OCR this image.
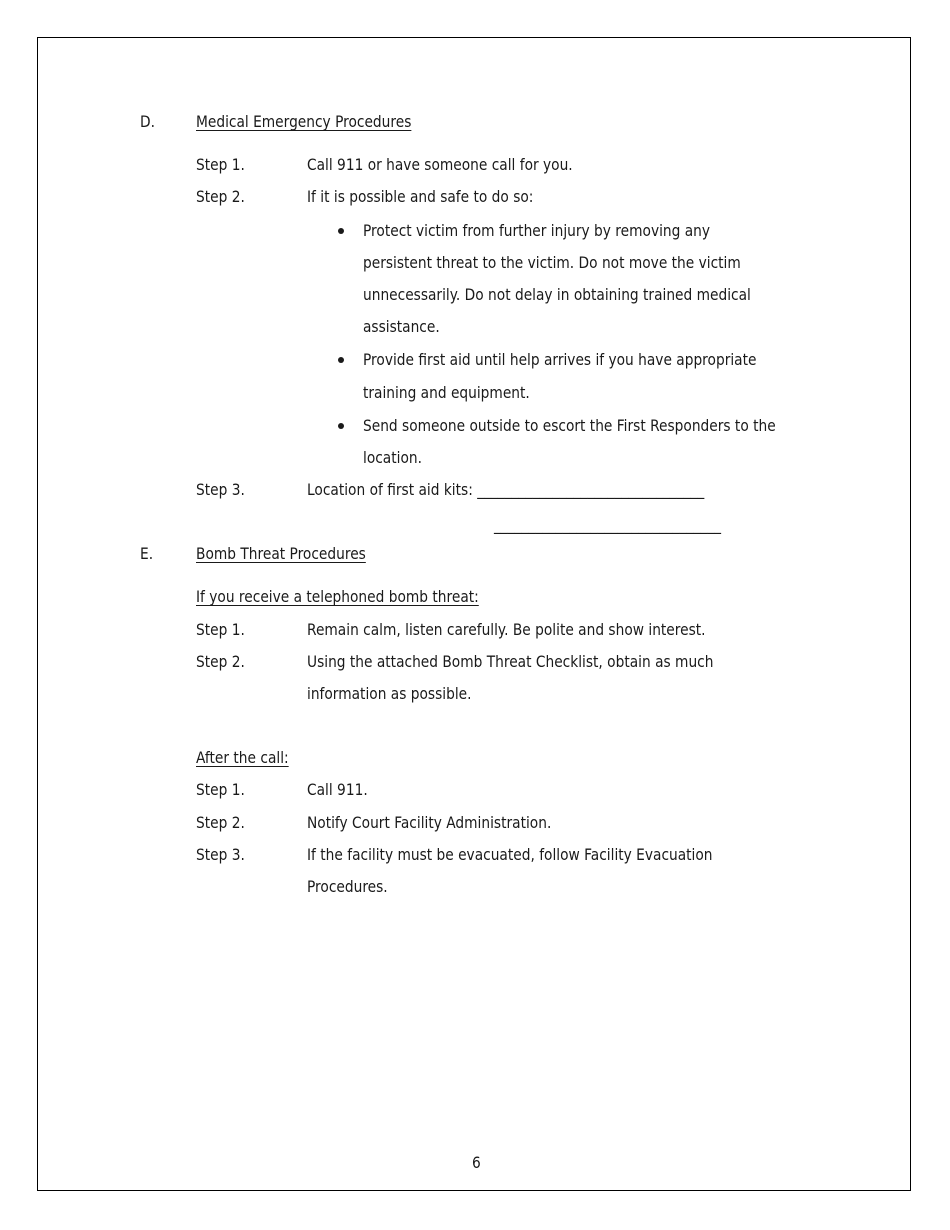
D.	Medical Emergency Procedures
Step 1.	Call 911 or have someone call for you.
Step 2.	If it is possible and safe to do so:
Protect victim from further injury by removing any
persistent threat to the victim. Do not move the victim
unnecessarily. Do not delay in obtaining trained medical
assistance.
Provide first aid until help arrives if you have appropriate
training and equipment.
Send someone outside to escort the First Responders to the
location.
Step 3.	Location of first aid kits: _________________________________
_________________________________
E.	Bomb Threat Procedures
If you receive a telephoned bomb threat:
Step 1.	Remain calm, listen carefully. Be polite and show interest.
Step 2.	Using the attached Bomb Threat Checklist, obtain as much
information as possible.
After the call:
Step 1.	Call 911.
Step 2.	Notify Court Facility Administration.
Step 3.	If the facility must be evacuated, follow Facility Evacuation
Procedures.
6
